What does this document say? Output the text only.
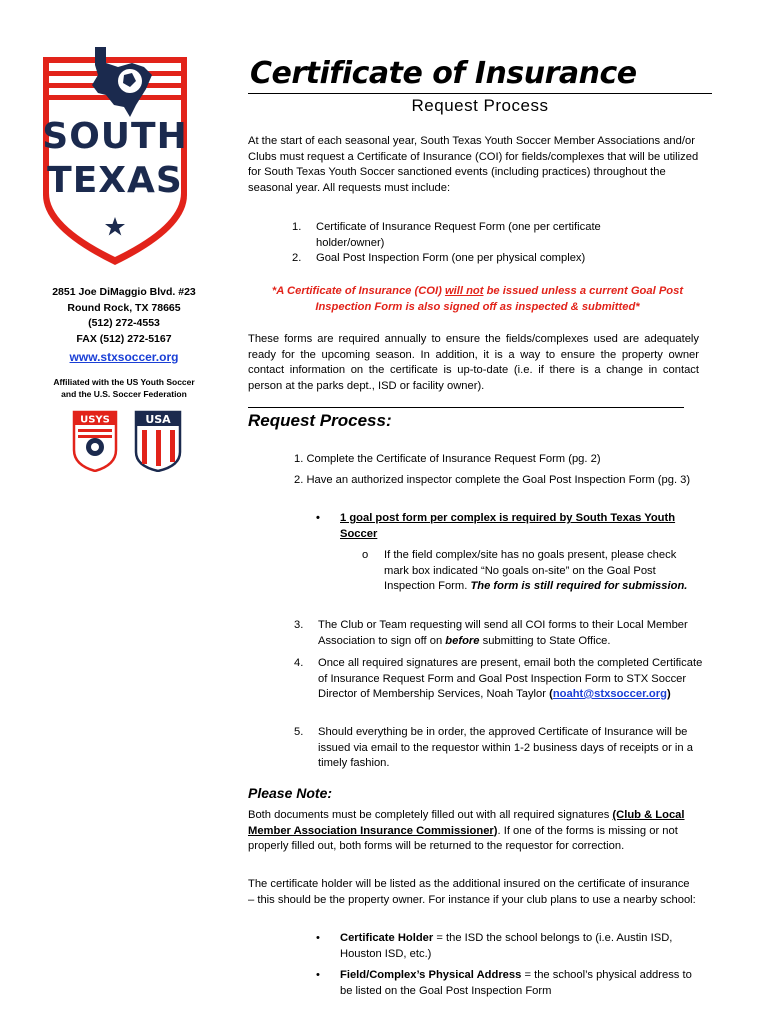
SOUTH
TEXAS
2851 Joe DiMaggio Blvd. #23
Round Rock, TX 78665
(512) 272-4553
FAX (512) 272-5167
www.stxsoccer.org
Affiliated with the US Youth Soccer
and the U.S. Soccer Federation
USYS	USA
Certificate of Insurance
Request Process

At the start of each seasonal year, South Texas Youth Soccer Member Associations and/or Clubs must request a Certificate of Insurance (COI) for fields/complexes that will be utilized for South Texas Youth Soccer sanctioned events (including practices) throughout the seasonal year. All requests must include:

1.	Certificate of Insurance Request Form (one per certificate holder/owner)
2.	Goal Post Inspection Form (one per physical complex)
*A Certificate of Insurance (COI) will not be issued unless a current Goal Post Inspection Form is also signed off as inspected & submitted*

These forms are required annually to ensure the fields/complexes used are adequately ready for the upcoming season. In addition, it is a way to ensure the property owner contact information on the certificate is up-to-date (i.e. if there is a change in contact person at the parks dept., ISD or facility owner).

Request Process:

1. Complete the Certificate of Insurance Request Form (pg. 2)

2. Have an authorized inspector complete the Goal Post Inspection Form (pg. 3)

•	1 goal post form per complex is required by South Texas Youth Soccer
o	If the field complex/site has no goals present, please check mark box indicated “No goals on-site” on the Goal Post Inspection Form. The form is still required for submission.
3.	The Club or Team requesting will send all COI forms to their Local Member Association to sign off on before submitting to State Office.
4.	Once all required signatures are present, email both the completed Certificate of Insurance Request Form and Goal Post Inspection Form to STX Soccer Director of Membership Services, Noah Taylor (noaht@stxsoccer.org)
5.	Should everything be in order, the approved Certificate of Insurance will be issued via email to the requestor within 1-2 business days of receipts or in a timely fashion.
Please Note:

Both documents must be completely filled out with all required signatures (Club & Local Member Association Insurance Commissioner). If one of the forms is missing or not properly filled out, both forms will be returned to the requestor for correction.

The certificate holder will be listed as the additional insured on the certificate of insurance – this should be the property owner. For instance if your club plans to use a nearby school:

•	Certificate Holder = the ISD the school belongs to (i.e. Austin ISD, Houston ISD, etc.)
•	Field/Complex’s Physical Address = the school’s physical address to be listed on the Goal Post Inspection Form
